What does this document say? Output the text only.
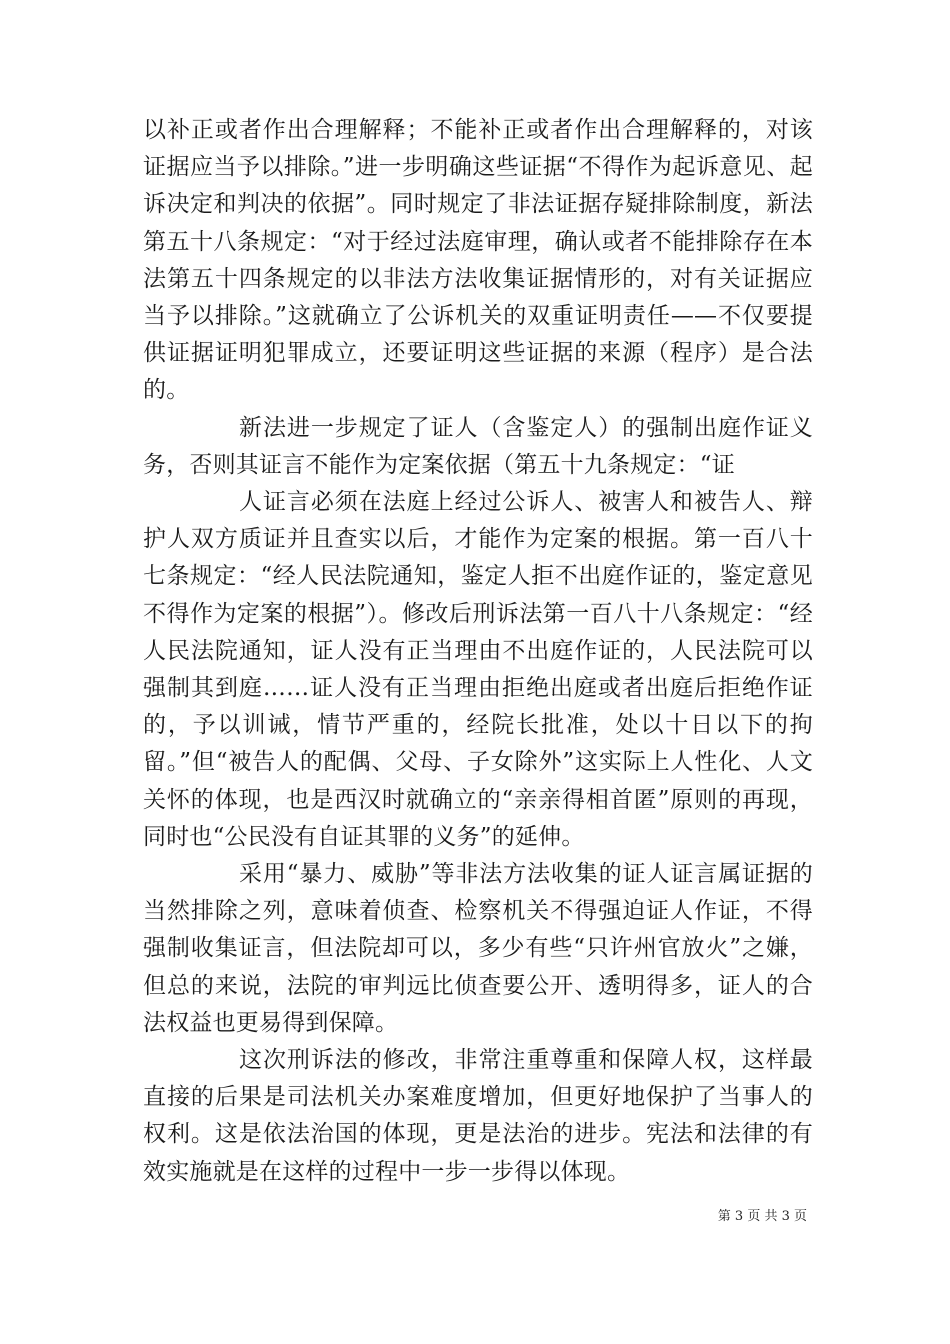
以补正或者作出合理解释；不能补正或者作出合理解释的，对该证据应当予以排除。”进一步明确这些证据“不得作为起诉意见、起诉决定和判决的依据”。同时规定了非法证据存疑排除制度，新法第五十八条规定：“对于经过法庭审理，确认或者不能排除存在本法第五十四条规定的以非法方法收集证据情形的，对有关证据应当予以排除。”这就确立了公诉机关的双重证明责任——不仅要提供证据证明犯罪成立，还要证明这些证据的来源（程序）是合法的。

新法进一步规定了证人（含鉴定人）的强制出庭作证义务，否则其证言不能作为定案依据（第五十九条规定：“证

人证言必须在法庭上经过公诉人、被害人和被告人、辩护人双方质证并且查实以后，才能作为定案的根据。第一百八十七条规定：“经人民法院通知，鉴定人拒不出庭作证的，鉴定意见不得作为定案的根据”）。修改后刑诉法第一百八十八条规定：“经人民法院通知，证人没有正当理由不出庭作证的，人民法院可以强制其到庭……证人没有正当理由拒绝出庭或者出庭后拒绝作证的，予以训诫，情节严重的，经院长批准，处以十日以下的拘留。”但“被告人的配偶、父母、子女除外”这实际上人性化、人文关怀的体现，也是西汉时就确立的“亲亲得相首匿”原则的再现，同时也“公民没有自证其罪的义务”的延伸。

采用“暴力、威胁”等非法方法收集的证人证言属证据的当然排除之列，意味着侦查、检察机关不得强迫证人作证，不得强制收集证言，但法院却可以，多少有些“只许州官放火”之嫌，但总的来说，法院的审判远比侦查要公开、透明得多，证人的合法权益也更易得到保障。

这次刑诉法的修改，非常注重尊重和保障人权，这样最直接的后果是司法机关办案难度增加，但更好地保护了当事人的权利。这是依法治国的体现，更是法治的进步。宪法和法律的有效实施就是在这样的过程中一步一步得以体现。

第 3 页 共 3 页
